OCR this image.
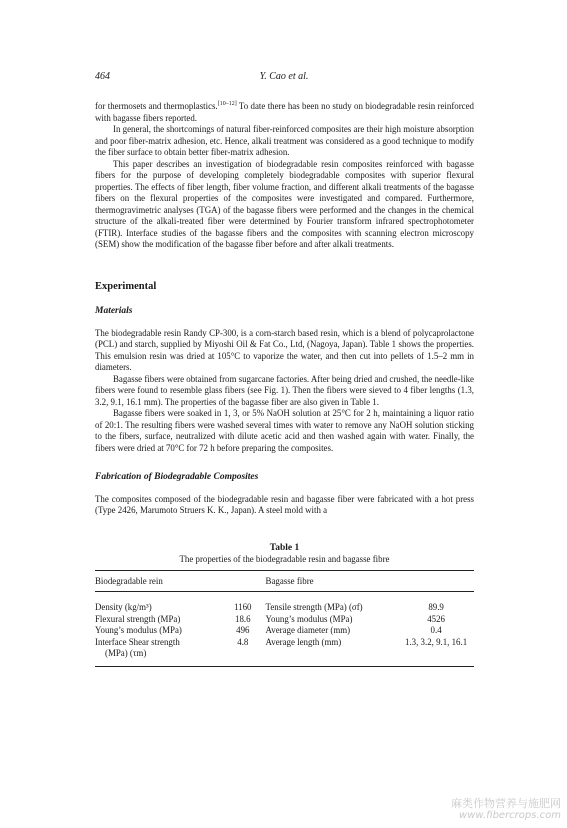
464	Y. Cao et al.

for thermosets and thermoplastics.[10–12] To date there has been no study on biodegradable resin reinforced with bagasse fibers reported.

In general, the shortcomings of natural fiber-reinforced composites are their high moisture absorption and poor fiber-matrix adhesion, etc. Hence, alkali treatment was considered as a good technique to modify the fiber surface to obtain better fiber-matrix adhesion.

This paper describes an investigation of biodegradable resin composites reinforced with bagasse fibers for the purpose of developing completely biodegradable composites with superior flexural properties. The effects of fiber length, fiber volume fraction, and different alkali treatments of the bagasse fibers on the flexural properties of the composites were investigated and compared. Furthermore, thermogravimetric analyses (TGA) of the bagasse fibers were performed and the changes in the chemical structure of the alkali-treated fiber were determined by Fourier transform infrared spectrophotometer (FTIR). Interface studies of the bagasse fibers and the composites with scanning electron microscopy (SEM) show the modification of the bagasse fiber before and after alkali treatments.

Experimental

Materials

The biodegradable resin Randy CP-300, is a corn-starch based resin, which is a blend of polycaprolactone (PCL) and starch, supplied by Miyoshi Oil & Fat Co., Ltd, (Nagoya, Japan). Table 1 shows the properties. This emulsion resin was dried at 105°C to vaporize the water, and then cut into pellets of 1.5–2 mm in diameters.

Bagasse fibers were obtained from sugarcane factories. After being dried and crushed, the needle-like fibers were found to resemble glass fibers (see Fig. 1). Then the fibers were sieved to 4 fiber lengths (1.3, 3.2, 9.1, 16.1 mm). The properties of the bagasse fiber are also given in Table 1.

Bagasse fibers were soaked in 1, 3, or 5% NaOH solution at 25°C for 2 h, maintaining a liquor ratio of 20:1. The resulting fibers were washed several times with water to remove any NaOH solution sticking to the fibers, surface, neutralized with dilute acetic acid and then washed again with water. Finally, the fibers were dried at 70°C for 72 h before preparing the composites.

Fabrication of Biodegradable Composites

The composites composed of the biodegradable resin and bagasse fiber were fabricated with a hot press (Type 2426, Marumoto Struers K. K., Japan). A steel mold with a

Table 1
The properties of the biodegradable resin and bagasse fibre

Biodegradable rein		Bagasse fibre	

Density (kg/m³)	1160	Tensile strength (MPa) (σf)	89.9
Flexural strength (MPa)	18.6	Young’s modulus (MPa)	4526
Young’s modulus (MPa)	496	Average diameter (mm)	0.4
Interface Shear strength	4.8	Average length (mm)	1.3, 3.2, 9.1, 16.1
(MPa) (τm)			
麻类作物营养与施肥网
www.fibercrops.com
